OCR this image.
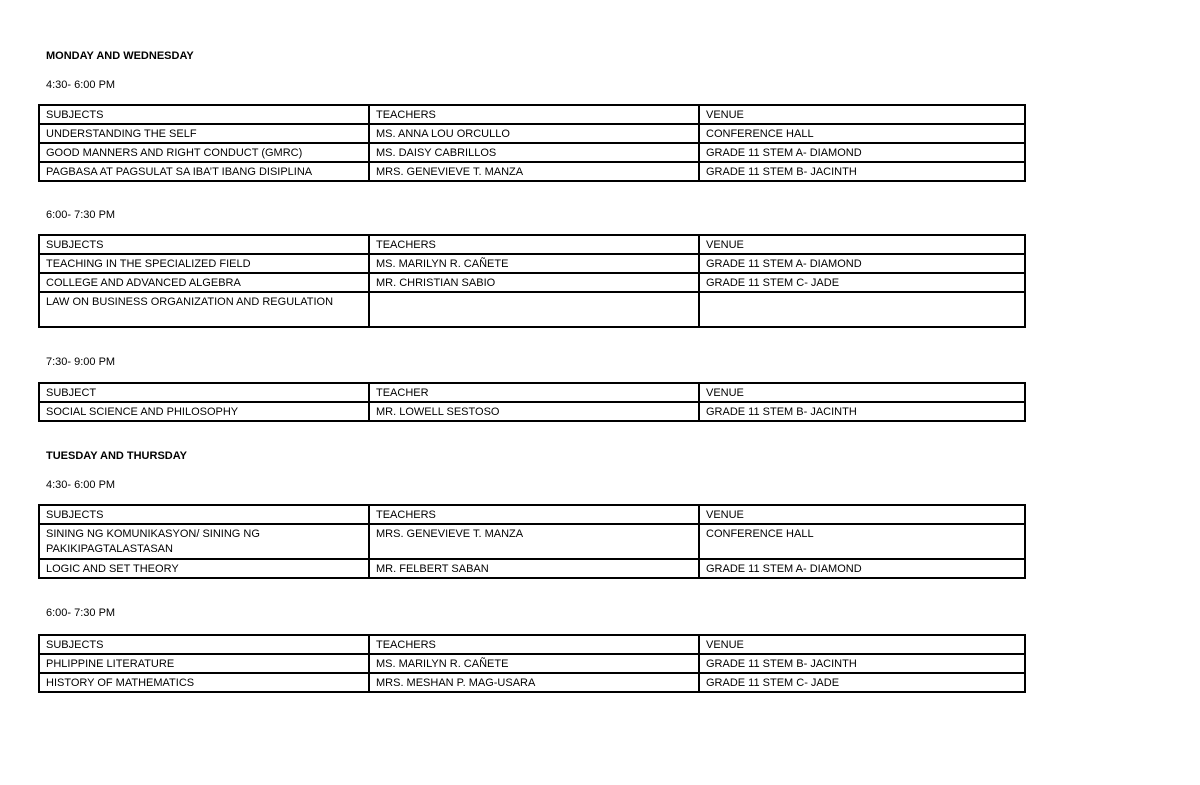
MONDAY AND WEDNESDAY
4:30- 6:00 PM
SUBJECTS	TEACHERS	VENUE
UNDERSTANDING THE SELF	MS. ANNA LOU ORCULLO	CONFERENCE HALL
GOOD MANNERS AND RIGHT CONDUCT (GMRC)	MS. DAISY CABRILLOS	GRADE 11 STEM A- DIAMOND
PAGBASA AT PAGSULAT SA IBA’T IBANG DISIPLINA	MRS. GENEVIEVE T. MANZA	GRADE 11 STEM B- JACINTH
6:00- 7:30 PM
SUBJECTS	TEACHERS	VENUE
TEACHING IN THE SPECIALIZED FIELD	MS. MARILYN R. CAÑETE	GRADE 11 STEM A- DIAMOND
COLLEGE AND ADVANCED ALGEBRA	MR. CHRISTIAN SABIO	GRADE 11 STEM C- JADE
LAW ON BUSINESS ORGANIZATION AND REGULATION		
7:30- 9:00 PM
SUBJECT	TEACHER	VENUE
SOCIAL SCIENCE AND PHILOSOPHY	MR. LOWELL SESTOSO	GRADE 11 STEM B- JACINTH
TUESDAY AND THURSDAY
4:30- 6:00 PM
SUBJECTS	TEACHERS	VENUE
SINING NG KOMUNIKASYON/ SINING NG PAKIKIPAGTALASTASAN	MRS. GENEVIEVE T. MANZA	CONFERENCE HALL
LOGIC AND SET THEORY	MR. FELBERT SABAN	GRADE 11 STEM A- DIAMOND
6:00- 7:30 PM
SUBJECTS	TEACHERS	VENUE
PHLIPPINE LITERATURE	MS. MARILYN R. CAÑETE	GRADE 11 STEM B- JACINTH
HISTORY OF MATHEMATICS	MRS. MESHAN P. MAG-USARA	GRADE 11 STEM C- JADE
